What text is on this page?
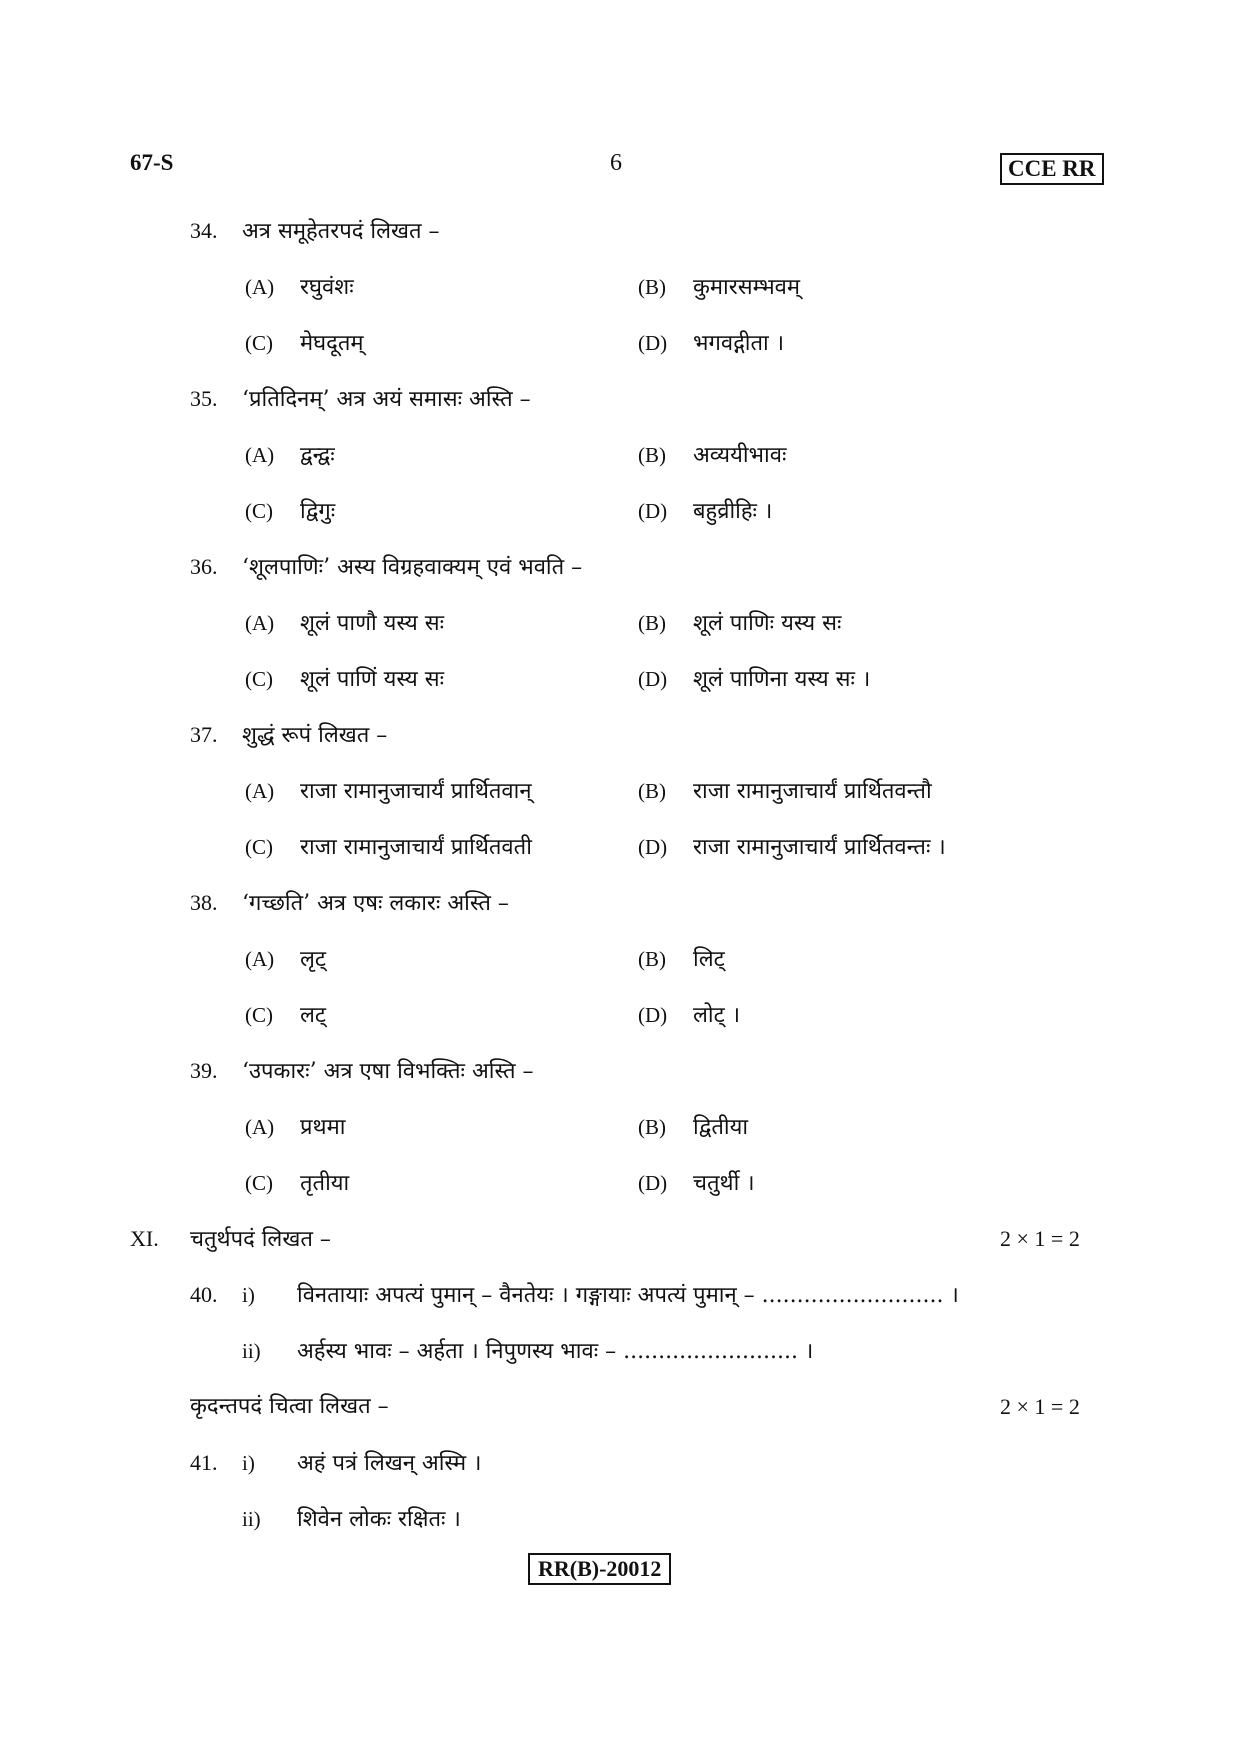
67-S	6	CCE RR
34. अत्र समूहेतरपदं लिखत –
(A) रघुवंशः	(B) कुमारसम्भवम्
(C) मेघदूतम्	(D) भगवद्गीता ।
35. ‘प्रतिदिनम्’ अत्र अयं समासः अस्ति –
(A) द्वन्द्वः	(B) अव्ययीभावः
(C) द्विगुः	(D) बहुव्रीहिः ।
36. ‘शूलपाणिः’ अस्य विग्रहवाक्यम् एवं भवति –
(A) शूलं पाणौ यस्य सः	(B) शूलं पाणिः यस्य सः
(C) शूलं पाणिं यस्य सः	(D) शूलं पाणिना यस्य सः ।
37. शुद्धं रूपं लिखत –
(A) राजा रामानुजाचार्यं प्रार्थितवान्	(B) राजा रामानुजाचार्यं प्रार्थितवन्तौ
(C) राजा रामानुजाचार्यं प्रार्थितवती	(D) राजा रामानुजाचार्यं प्रार्थितवन्तः ।
38. ‘गच्छति’ अत्र एषः लकारः अस्ति –
(A) लृट्	(B) लिट्
(C) लट्	(D) लोट् ।
39. ‘उपकारः’ अत्र एषा विभक्तिः अस्ति –
(A) प्रथमा	(B) द्वितीया
(C) तृतीया	(D) चतुर्थी ।
XI. चतुर्थपदं लिखत –	2 × 1 = 2
40. i) विनतायाः अपत्यं पुमान् – वैनतेयः । गङ्गायाः अपत्यं पुमान् – .......................... ।
ii) अर्हस्य भावः – अर्हता । निपुणस्य भावः – ......................... ।
कृदन्तपदं चित्वा लिखत –	2 × 1 = 2
41. i) अहं पत्रं लिखन् अस्मि ।
ii) शिवेन लोकः रक्षितः ।
RR(B)-20012
